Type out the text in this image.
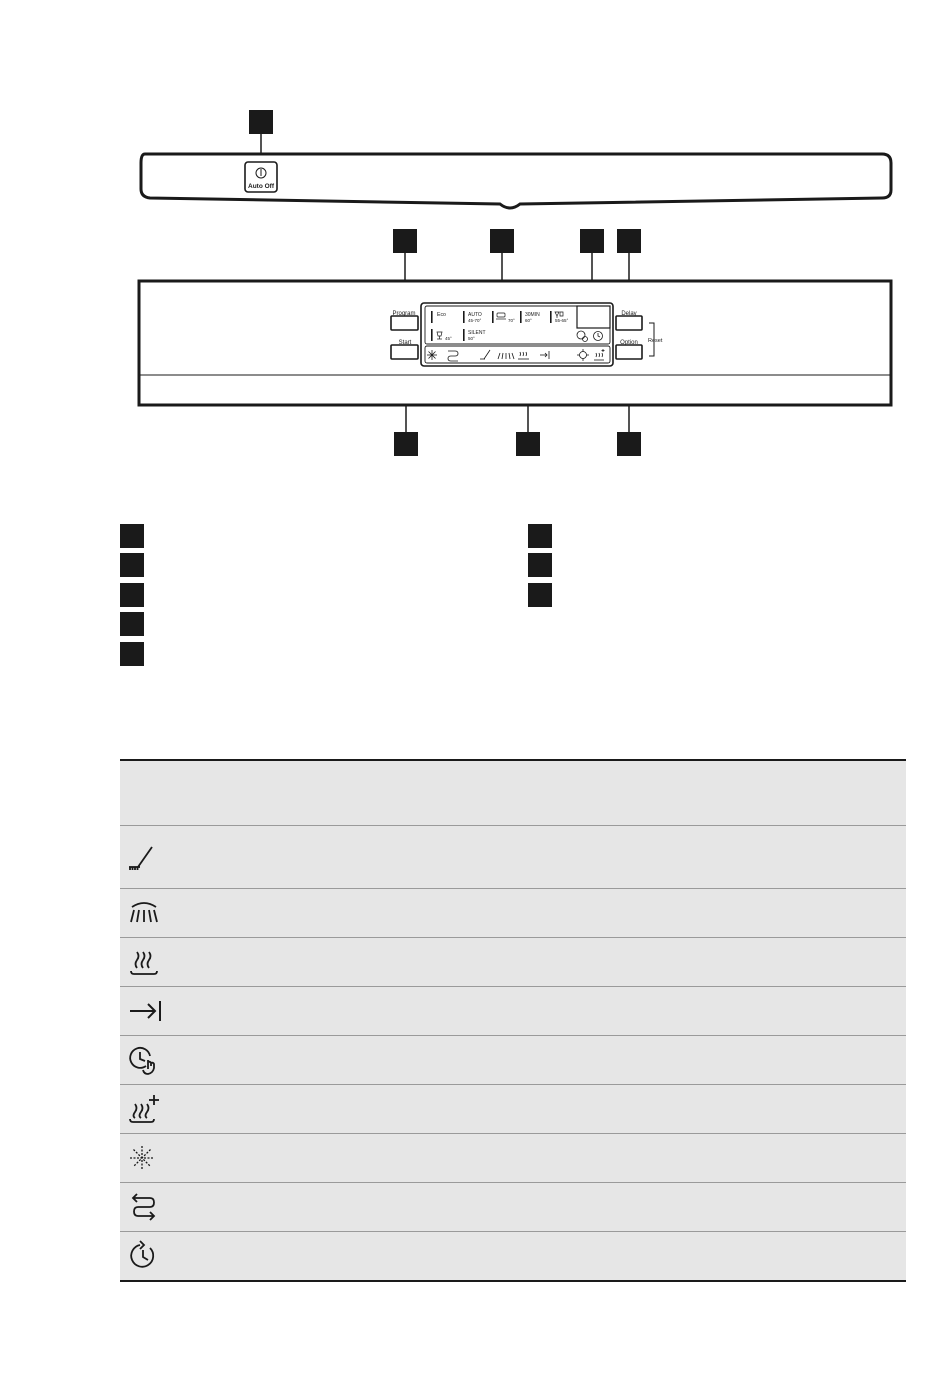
Auto Off
Program
Start
Delay
Option Reset
Eco	AUTO
45-70°	70°
30MIN
60°	55-65°
45°
SILENT
50°
